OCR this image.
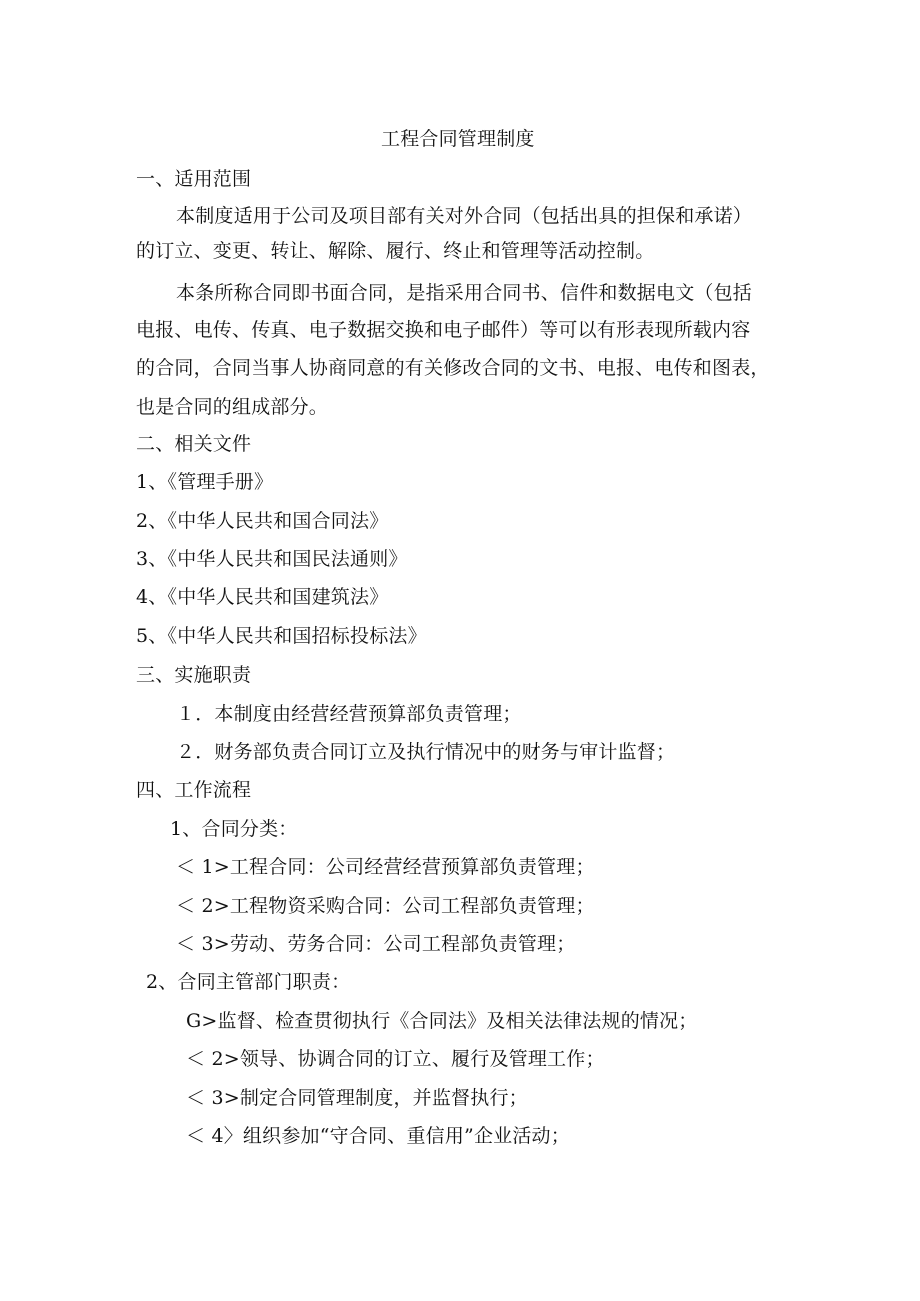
工程合同管理制度
一、适用范围
本制度适用于公司及项目部有关对外合同（包括出具的担保和承诺）
的订立、变更、转让、解除、履行、终止和管理等活动控制。
本条所称合同即书面合同，是指采用合同书、信件和数据电文（包括
电报、电传、传真、电子数据交换和电子邮件）等可以有形表现所载内容
的合同，合同当事人协商同意的有关修改合同的文书、电报、电传和图表，
也是合同的组成部分。
二、相关文件
1、《管理手册》
2、《中华人民共和国合同法》
3、《中华人民共和国民法通则》
4、《中华人民共和国建筑法》
5、《中华人民共和国招标投标法》
三、实施职责
１．本制度由经营经营预算部负责管理；
２．财务部负责合同订立及执行情况中的财务与审计监督；
四、工作流程
1、合同分类：
＜ 1>工程合同：公司经营经营预算部负责管理；
＜ 2>工程物资采购合同：公司工程部负责管理；
＜ 3>劳动、劳务合同：公司工程部负责管理；
2、合同主管部门职责：
G>监督、检查贯彻执行《合同法》及相关法律法规的情况；
＜ 2>领导、协调合同的订立、履行及管理工作；
＜ 3>制定合同管理制度，并监督执行；
＜ 4〉组织参加“守合同、重信用”企业活动；
